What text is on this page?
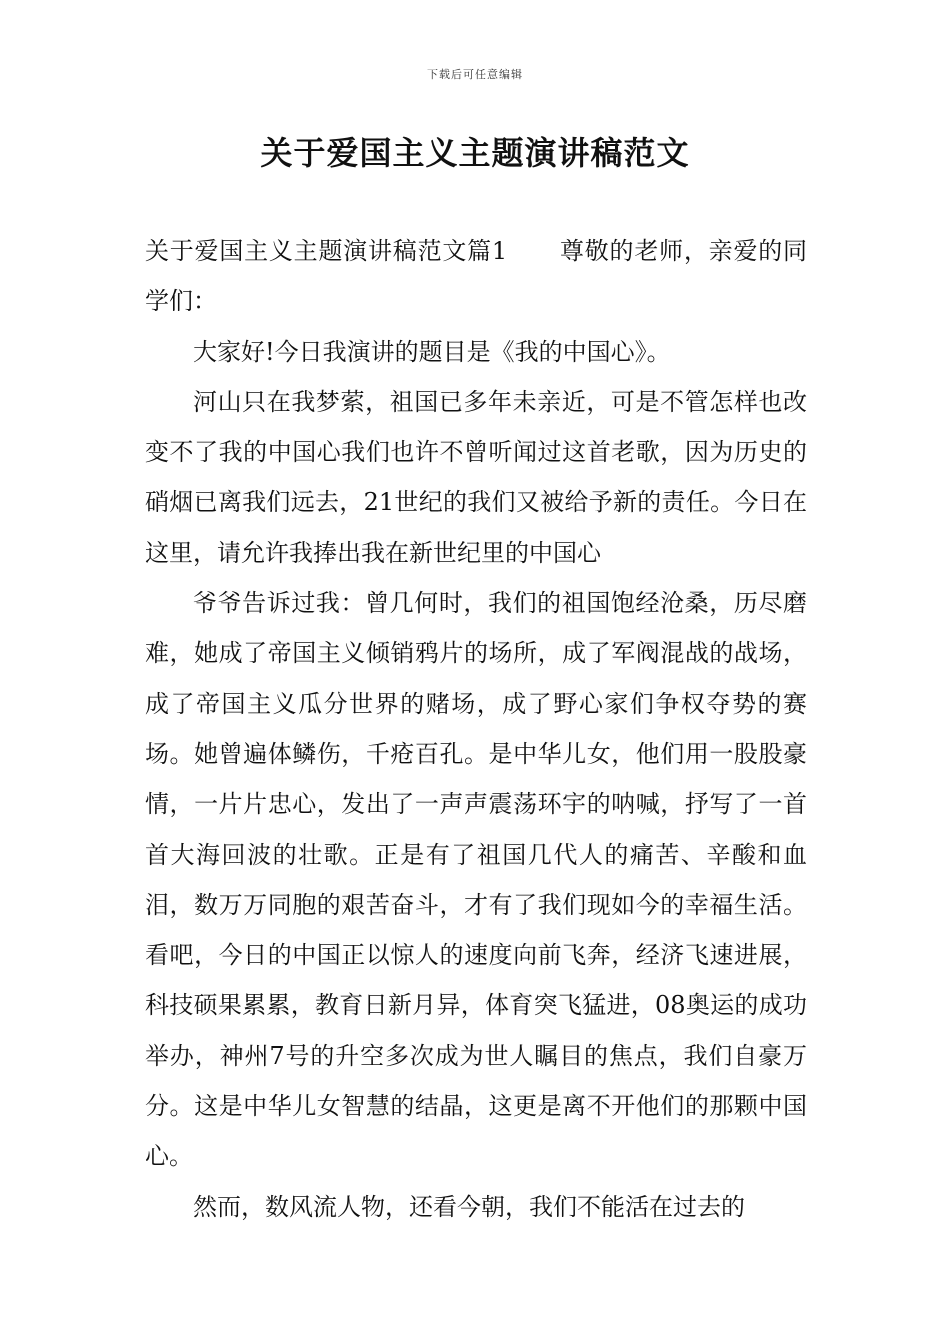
下载后可任意编辑
关于爱国主义主题演讲稿范文

关于爱国主义主题演讲稿范文篇1 尊敬的老师，亲爱的同学们：

大家好!今日我演讲的题目是《我的中国心》。

河山只在我梦萦，祖国已多年未亲近，可是不管怎样也改变不了我的中国心我们也许不曾听闻过这首老歌，因为历史的硝烟已离我们远去，21世纪的我们又被给予新的责任。今日在这里，请允许我捧出我在新世纪里的中国心

爷爷告诉过我：曾几何时，我们的祖国饱经沧桑，历尽磨难，她成了帝国主义倾销鸦片的场所，成了军阀混战的战场，成了帝国主义瓜分世界的赌场，成了野心家们争权夺势的赛场。她曾遍体鳞伤，千疮百孔。是中华儿女，他们用一股股豪情，一片片忠心，发出了一声声震荡环宇的呐喊，抒写了一首首大海回波的壮歌。正是有了祖国几代人的痛苦、辛酸和血泪，数万万同胞的艰苦奋斗，才有了我们现如今的幸福生活。看吧，今日的中国正以惊人的速度向前飞奔，经济飞速进展，科技硕果累累，教育日新月异，体育突飞猛进，08奥运的成功举办，神州7号的升空多次成为世人瞩目的焦点，我们自豪万分。这是中华儿女智慧的结晶，这更是离不开他们的那颗中国心。

然而，数风流人物，还看今朝，我们不能活在过去的
